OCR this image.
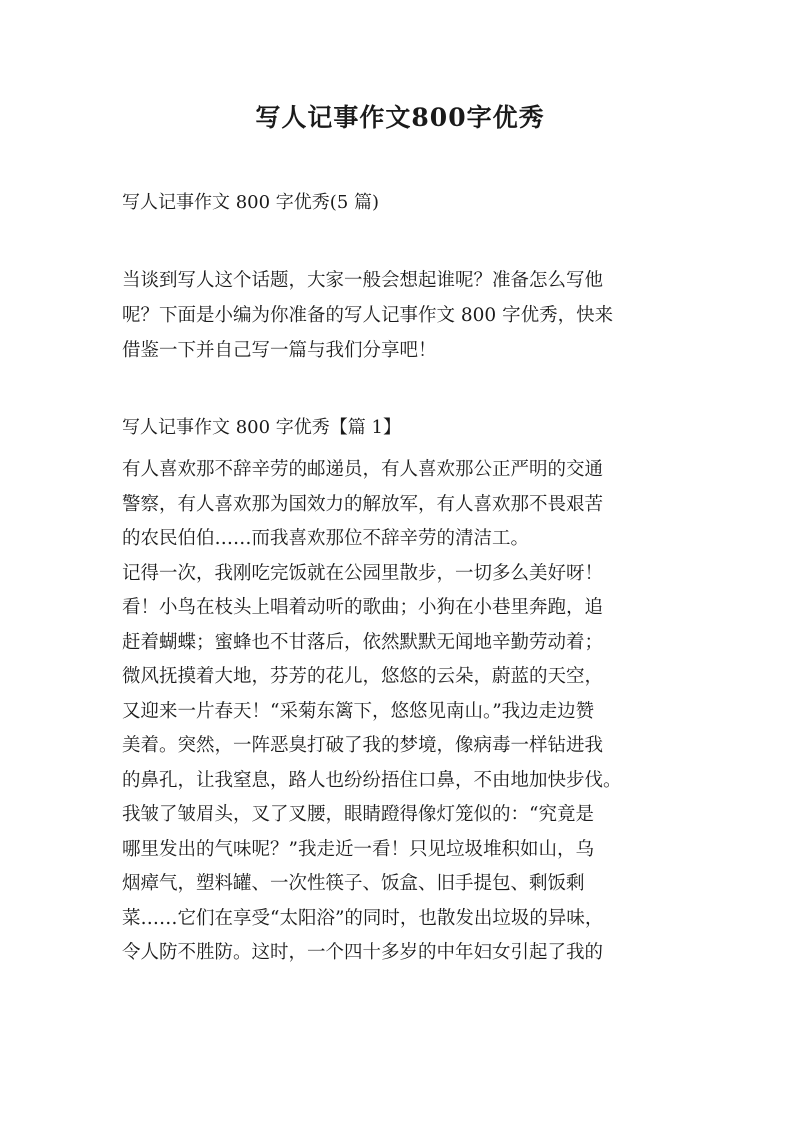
写人记事作文800字优秀

写人记事作文 800 字优秀(5 篇)

当谈到写人这个话题，大家一般会想起谁呢？准备怎么写他
呢？下面是小编为你准备的写人记事作文 800 字优秀，快来
借鉴一下并自己写一篇与我们分享吧！

写人记事作文 800 字优秀【篇 1】

有人喜欢那不辞辛劳的邮递员，有人喜欢那公正严明的交通
警察，有人喜欢那为国效力的解放军，有人喜欢那不畏艰苦
的农民伯伯……而我喜欢那位不辞辛劳的清洁工。

记得一次，我刚吃完饭就在公园里散步，一切多么美好呀！
看！小鸟在枝头上唱着动听的歌曲；小狗在小巷里奔跑，追
赶着蝴蝶；蜜蜂也不甘落后，依然默默无闻地辛勤劳动着；
微风抚摸着大地，芬芳的花儿，悠悠的云朵，蔚蓝的天空，
又迎来一片春天！“采菊东篱下，悠悠见南山。”我边走边赞
美着。突然，一阵恶臭打破了我的梦境，像病毒一样钻进我
的鼻孔，让我窒息，路人也纷纷捂住口鼻，不由地加快步伐。
我皱了皱眉头，叉了叉腰，眼睛蹬得像灯笼似的：“究竟是
哪里发出的气味呢？”我走近一看！只见垃圾堆积如山，乌
烟瘴气，塑料罐、一次性筷子、饭盒、旧手提包、剩饭剩
菜……它们在享受“太阳浴”的同时，也散发出垃圾的异味，
令人防不胜防。这时，一个四十多岁的中年妇女引起了我的
